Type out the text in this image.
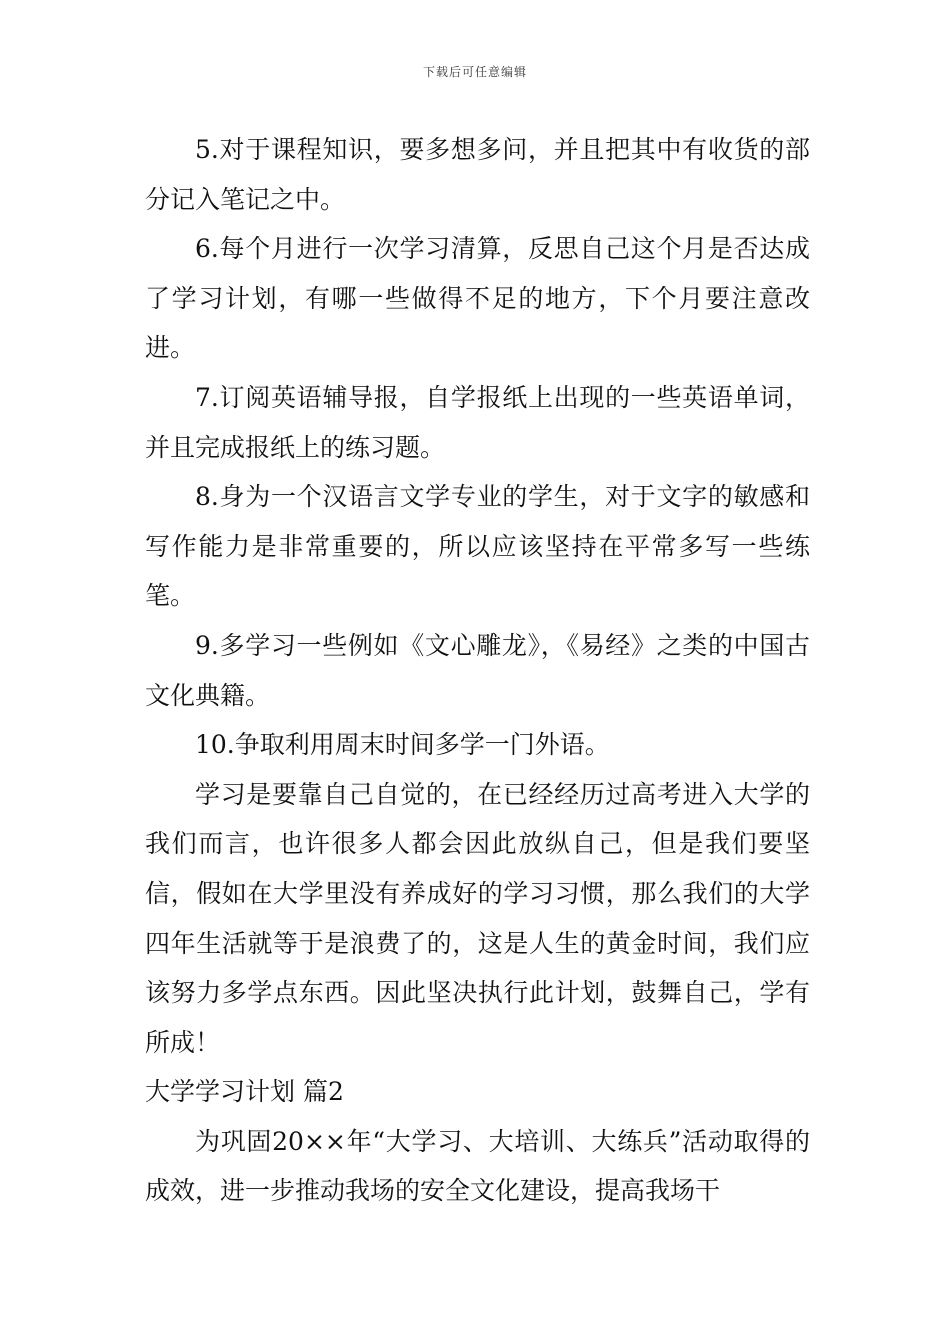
下载后可任意编辑

5.对于课程知识，要多想多问，并且把其中有收货的部分记入笔记之中。

6.每个月进行一次学习清算，反思自己这个月是否达成了学习计划，有哪一些做得不足的地方，下个月要注意改进。

7.订阅英语辅导报，自学报纸上出现的一些英语单词，并且完成报纸上的练习题。

8.身为一个汉语言文学专业的学生，对于文字的敏感和写作能力是非常重要的，所以应该坚持在平常多写一些练笔。

9.多学习一些例如《文心雕龙》，《易经》之类的中国古文化典籍。

10.争取利用周末时间多学一门外语。

学习是要靠自己自觉的，在已经经历过高考进入大学的我们而言，也许很多人都会因此放纵自己，但是我们要坚信，假如在大学里没有养成好的学习习惯，那么我们的大学四年生活就等于是浪费了的，这是人生的黄金时间，我们应该努力多学点东西。因此坚决执行此计划，鼓舞自己，学有所成！

大学学习计划 篇2

为巩固20××年“大学习、大培训、大练兵”活动取得的成效，进一步推动我场的安全文化建设，提高我场干
